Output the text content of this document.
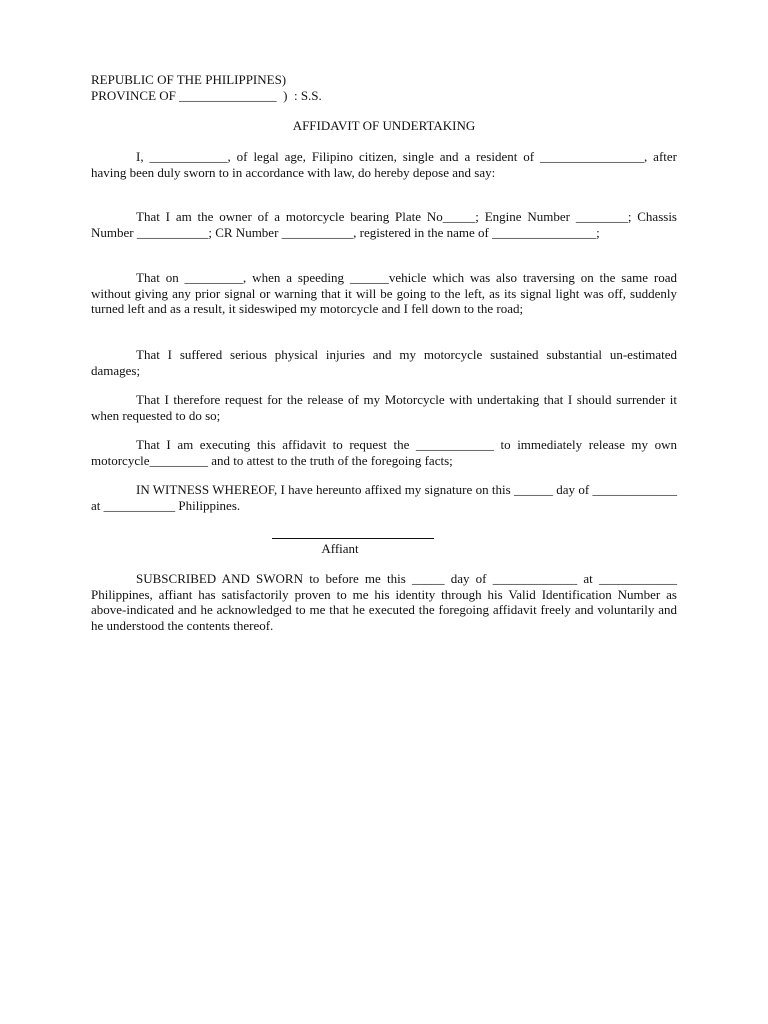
REPUBLIC OF THE PHILIPPINES)
PROVINCE OF _______________  )  : S.S.
AFFIDAVIT OF UNDERTAKING

I, ____________, of legal age, Filipino citizen, single and a resident of ________________, after having been duly sworn to in accordance with law, do hereby depose and say:

That I am the owner of a motorcycle bearing Plate No_____; Engine Number ________; Chassis Number ___________; CR Number ___________, registered in the name of ________________;

That on _________, when a speeding ______vehicle which was also traversing on the same road without giving any prior signal or warning that it will be going to the left, as its signal light was off, suddenly turned left and as a result, it sideswiped my motorcycle and I fell down to the road;

That I suffered serious physical injuries and my motorcycle sustained substantial un-estimated damages;

That I therefore request for the release of my Motorcycle with undertaking that I should surrender it when requested to do so;

That I am executing this affidavit to request the ____________ to immediately release my own motorcycle_________ and to attest to the truth of the foregoing facts;

IN WITNESS WHEREOF, I have hereunto affixed my signature on this ______ day of _____________ at ___________ Philippines.

Affiant

SUBSCRIBED AND SWORN to before me this _____ day of _____________ at ____________ Philippines, affiant has satisfactorily proven to me his identity through his Valid Identification Number as above-indicated and he acknowledged to me that he executed the foregoing affidavit freely and voluntarily and he understood the contents thereof.
